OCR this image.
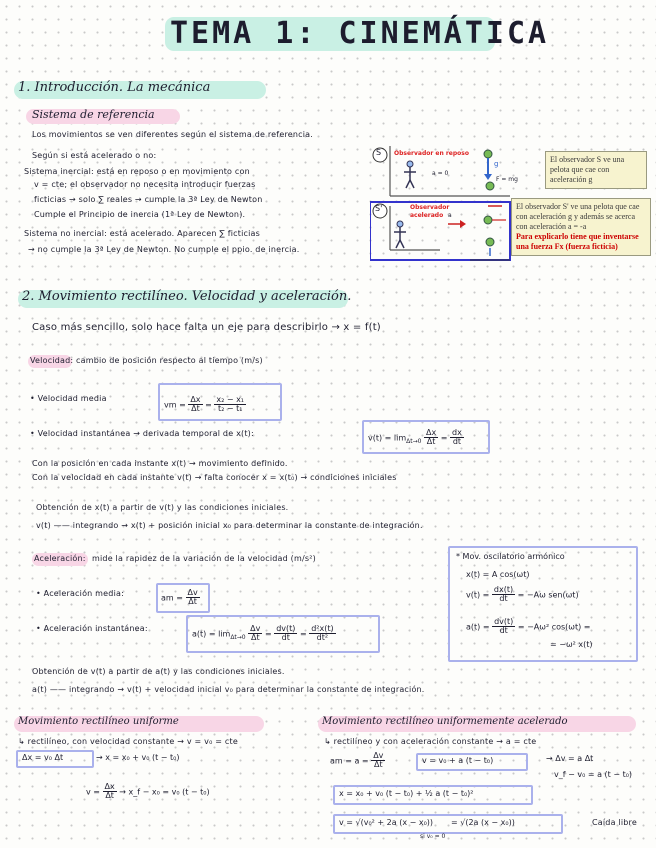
TEMA 1: CINEMÁTICA
1. Introducción. La mecánica
Sistema de referencia
Los movimientos se ven diferentes según el sistema de referencia.
Según si está acelerado o no:
Sistema inercial: está en reposo o en movimiento con
v = cte; el observador no necesita introducir fuerzas
ficticias → solo ∑ reales → cumple la 3ª Ley de Newton
Cumple el Principio de inercia (1ª Ley de Newton).
Sistema no inercial: está acelerado. Aparecen ∑ ficticias
→ no cumple la 3ª Ley de Newton. No cumple el ppio. de inercia.
S
S'
Observador en reposo
Observador acelerado
a = 0
a
g
F = mg
El observador S ve una pelota que cae con aceleración g
El observador S' ve una pelota que cae con aceleración g y además se acerca con aceleración a = -a
Para explicarlo tiene que inventarse una fuerza Fx (fuerza ficticia)
2. Movimiento rectilíneo. Velocidad y aceleración.
Caso más sencillo, solo hace falta un eje para describirlo → x = f(t)
Velocidad: cambio de posición respecto al tiempo (m/s)
• Velocidad media
vm = $\frac{\Delta x}{\Delta t} = \frac{\text{x₂ − x₁}}{\text{t₂ − t₁}}$
• Velocidad instantánea → derivada temporal de x(t):	$v(t) = \lim_{\Delta t\to 0} \frac{\Delta x}{\Delta t} = \frac{dx}{dt}$
Con la posición en cada instante x(t) → movimiento definido.
Con la velocidad en cada instante v(t) → falta conocer x = x(t₀) → condiciones iniciales
Obtención de x(t) a partir de v(t) y las condiciones iniciales.
v(t) —— integrando → x(t) + posición inicial x₀ para determinar la constante de integración.
Aceleración: mide la rapidez de la variación de la velocidad (m/s²)
• Aceleración media:	am = $\frac{\Delta v}{\Delta t}$
• Aceleración instantánea:
$a(t) = \lim_{\Delta t\to 0} \frac{\Delta v}{\Delta t} = \frac{dv(t)}{dt} = \frac{\text{d²x(t)}}{\text{dt²}}$
* Mov. oscilatorio armónico
x(t) = A cos(ωt)
$v(t) = \frac{dx(t)}{dt} = -A\omega$ sen(ωt)
$a(t) = \frac{dv(t)}{dt} = -A\omega^2$ cos(ωt) =
= −ω² x(t)
Obtención de v(t) a partir de a(t) y las condiciones iniciales.
a(t) —— integrando → v(t) + velocidad inicial v₀ para determinar la constante de integración.
Movimiento rectilíneo uniforme
↳ rectilíneo, con velocidad constante → v = v₀ = cte
Δx = v₀ Δt	→ x = x₀ + v₀ (t − t₀)
$v = \frac{\Delta x}{\Delta t}$ → x_f − x₀ = v₀ (t − t₀)
Movimiento rectilíneo uniformemente acelerado
↳ rectilíneo y con aceleración constante → a = cte
am = $a = \frac{\Delta v}{\Delta t}$	v = v₀ + a (t − t₀)	→ Δv = a Δt
v_f − v₀ = a (t − t₀)
x = x₀ + v₀ (t − t₀) + ½ a (t − t₀)²
v = √(v₀² + 2a (x − x₀)) = √(2a (x − x₀))
si v₀ = 0
Caída libre
